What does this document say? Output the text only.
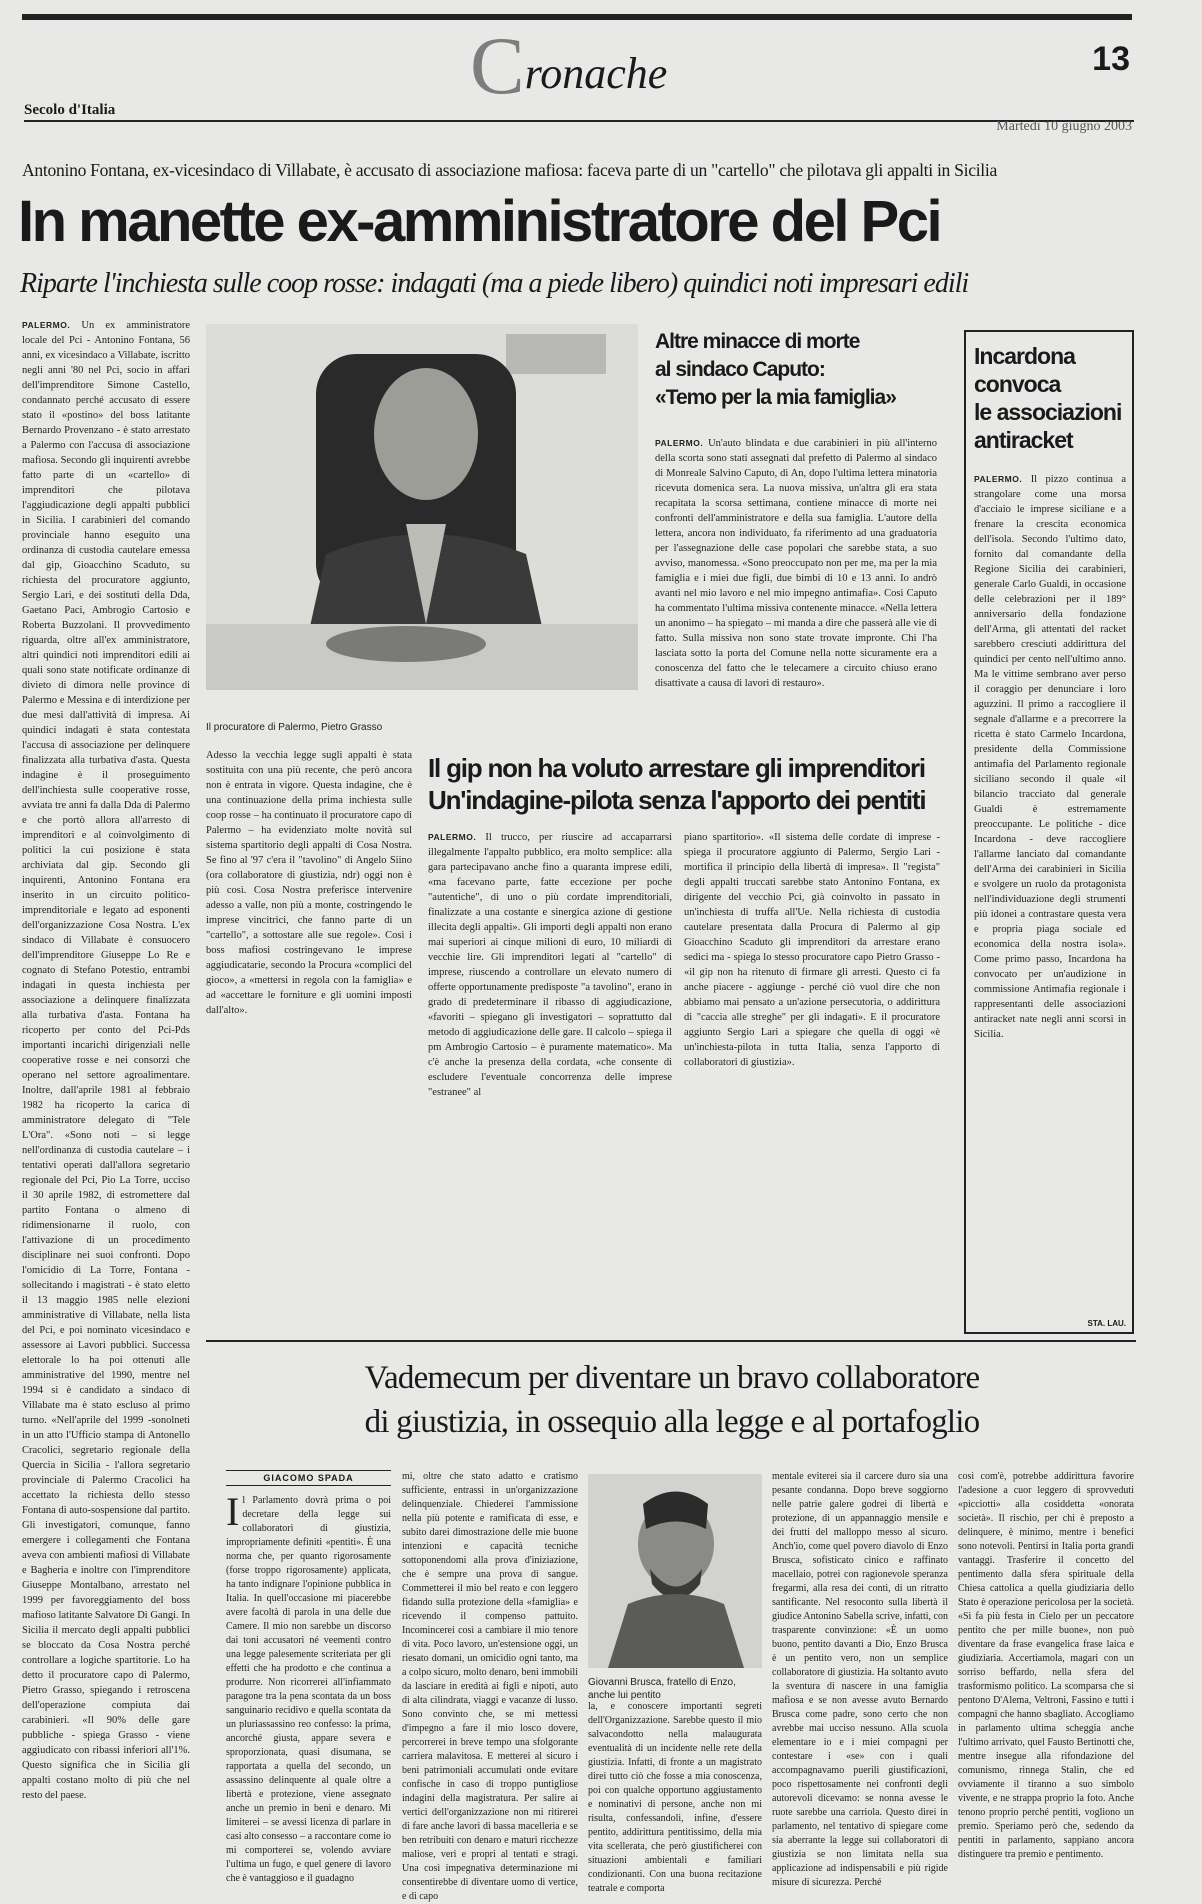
Cronache	13
Secolo d'Italia
Martedì 10 giugno 2003
Antonino Fontana, ex-vicesindaco di Villabate, è accusato di associazione mafiosa: faceva parte di un "cartello" che pilotava gli appalti in Sicilia
In manette ex-amministratore del Pci
Riparte l'inchiesta sulle coop rosse: indagati (ma a piede libero) quindici noti impresari edili
PALERMO. Un ex amministratore locale del Pci - Antonino Fontana, 56 anni, ex vicesindaco a Villabate, iscritto negli anni '80 nel Pci, socio in affari dell'imprenditore Simone Castello, condannato perché accusato di essere stato il «postino» del boss latitante Bernardo Provenzano - è stato arrestato a Palermo con l'accusa di associazione mafiosa. Secondo gli inquirenti avrebbe fatto parte di un «cartello» di imprenditori che pilotava l'aggiudicazione degli appalti pubblici in Sicilia. I carabinieri del comando provinciale hanno eseguito una ordinanza di custodia cautelare emessa dal gip, Gioacchino Scaduto, su richiesta del procuratore aggiunto, Sergio Lari, e dei sostituti della Dda, Gaetano Paci, Ambrogio Cartosio e Roberta Buzzolani. Il provvedimento riguarda, oltre all'ex amministratore, altri quindici noti imprenditori edili ai quali sono state notificate ordinanze di divieto di dimora nelle province di Palermo e Messina e di interdizione per due mesi dall'attività di impresa. Ai quindici indagati è stata contestata l'accusa di associazione per delinquere finalizzata alla turbativa d'asta. Questa indagine è il proseguimento dell'inchiesta sulle cooperative rosse, avviata tre anni fa dalla Dda di Palermo e che portò allora all'arresto di imprenditori e al coinvolgimento di politici la cui posizione è stata archiviata dal gip. Secondo gli inquirenti, Antonino Fontana era inserito in un circuito politico-imprenditoriale e legato ad esponenti dell'organizzazione Cosa Nostra. L'ex sindaco di Villabate è consuocero dell'imprenditore Giuseppe Lo Re e cognato di Stefano Potestio, entrambi indagati in questa inchiesta per associazione a delinquere finalizzata alla turbativa d'asta. Fontana ha ricoperto per conto del Pci-Pds importanti incarichi dirigenziali nelle cooperative rosse e nei consorzi che operano nel settore agroalimentare. Inoltre, dall'aprile 1981 al febbraio 1982 ha ricoperto la carica di amministratore delegato di "Tele L'Ora". «Sono noti – si legge nell'ordinanza di custodia cautelare – i tentativi operati dall'allora segretario regionale del Pci, Pio La Torre, ucciso il 30 aprile 1982, di estromettere dal partito Fontana o almeno di ridimensionarne il ruolo, con l'attivazione di un procedimento disciplinare nei suoi confronti. Dopo l'omicidio di La Torre, Fontana - sollecitando i magistrati - è stato eletto il 13 maggio 1985 nelle elezioni amministrative di Villabate, nella lista del Pci, e poi nominato vicesindaco e assessore ai Lavori pubblici. Successa elettorale lo ha poi ottenuti alle amministrative del 1990, mentre nel 1994 si è candidato a sindaco di Villabate ma è stato escluso al primo turno. «Nell'aprile del 1999 -sonolneti in un atto l'Ufficio stampa di Antonello Cracolici, segretario regionale della Quercia in Sicilia - l'allora segretario provinciale di Palermo Cracolici ha accettato la richiesta dello stesso Fontana di auto-sospensione dal partito. Gli investigatori, comunque, fanno emergere i collegamenti che Fontana aveva con ambienti mafiosi di Villabate e Bagheria e inoltre con l'imprenditore Giuseppe Montalbano, arrestato nel 1999 per favoreggiamento del boss mafioso latitante Salvatore Di Gangi. In Sicilia il mercato degli appalti pubblici se bloccato da Cosa Nostra perché controllare a logiche spartitorie. Lo ha detto il procuratore capo di Palermo, Pietro Grasso, spiegando i retroscena dell'operazione compiuta dai carabinieri. «Il 90% delle gare pubbliche - spiega Grasso - viene aggiudicato con ribassi inferiori all'1%. Questo significa che in Sicilia gli appalti costano molto di più che nel resto del paese.
Il procuratore di Palermo, Pietro Grasso
Altre minacce di morte
al sindaco Caputo:
«Temo per la mia famiglia»
PALERMO. Un'auto blindata e due carabinieri in più all'interno della scorta sono stati assegnati dal prefetto di Palermo al sindaco di Monreale Salvino Caputo, di An, dopo l'ultima lettera minatoria ricevuta domenica sera. La nuova missiva, un'altra gli era stata recapitata la scorsa settimana, contiene minacce di morte nei confronti dell'amministratore e della sua famiglia. L'autore della lettera, ancora non individuato, fa riferimento ad una graduatoria per l'assegnazione delle case popolari che sarebbe stata, a suo avviso, manomessa. «Sono preoccupato non per me, ma per la mia famiglia e i miei due figli, due bimbi di 10 e 13 anni. Io andrò avanti nel mio lavoro e nel mio impegno antimafia». Così Caputo ha commentato l'ultima missiva contenente minacce. «Nella lettera un anonimo – ha spiegato – mi manda a dire che passerà alle vie di fatto. Sulla missiva non sono state trovate impronte. Chi l'ha lasciata sotto la porta del Comune nella notte sicuramente era a conoscenza del fatto che le telecamere a circuito chiuso erano disattivate a causa di lavori di restauro».
Incardona
convoca
le associazioni
antiracket
PALERMO. Il pizzo continua a strangolare come una morsa d'acciaio le imprese siciliane e a frenare la crescita economica dell'isola. Secondo l'ultimo dato, fornito dal comandante della Regione Sicilia dei carabinieri, generale Carlo Gualdi, in occasione delle celebrazioni per il 189° anniversario della fondazione dell'Arma, gli attentati del racket sarebbero cresciuti addirittura del quindici per cento nell'ultimo anno. Ma le vittime sembrano aver perso il coraggio per denunciare i loro aguzzini. Il primo a raccogliere il segnale d'allarme e a precorrere la ricetta è stato Carmelo Incardona, presidente della Commissione antimafia del Parlamento regionale siciliano secondo il quale «il bilancio tracciato dal generale Gualdi è estremamente preoccupante. Le politiche - dice Incardona - deve raccogliere l'allarme lanciato dal comandante dell'Arma dei carabinieri in Sicilia e svolgere un ruolo da protagonista nell'individuazione degli strumenti più idonei a contrastare questa vera e propria piaga sociale ed economica della nostra isola». Come primo passo, Incardona ha convocato per un'audizione in commissione Antimafia regionale i rappresentanti delle associazioni antiracket nate negli anni scorsi in Sicilia.
STA. LAU.
Adesso la vecchia legge sugli appalti è stata sostituita con una più recente, che però ancora non è entrata in vigore. Questa indagine, che è una continuazione della prima inchiesta sulle coop rosse – ha continuato il procuratore capo di Palermo – ha evidenziato molte novità sul sistema spartitorio degli appalti di Cosa Nostra. Se fino al '97 c'era il "tavolino" di Angelo Siino (ora collaboratore di giustizia, ndr) oggi non è più così. Cosa Nostra preferisce intervenire adesso a valle, non più a monte, costringendo le imprese vincitrici, che fanno parte di un "cartello", a sottostare alle sue regole». Così i boss mafiosi costringevano le imprese aggiudicatarie, secondo la Procura «complici del gioco», a «mettersi in regola con la famiglia» e ad «accettare le forniture e gli uomini imposti dall'alto».
Il gip non ha voluto arrestare gli imprenditori
Un'indagine-pilota senza l'apporto dei pentiti
PALERMO. Il trucco, per riuscire ad accaparrarsi illegalmente l'appalto pubblico, era molto semplice: alla gara partecipavano anche fino a quaranta imprese edili, «ma facevano parte, fatte eccezione per poche "autentiche", di uno o più cordate imprenditoriali, finalizzate a una costante e sinergica azione di gestione illecita degli appalti». Gli importi degli appalti non erano mai superiori ai cinque milioni di euro, 10 miliardi di vecchie lire. Gli imprenditori legati al "cartello" di imprese, riuscendo a controllare un elevato numero di offerte opportunamente predisposte "a tavolino", erano in grado di predeterminare il ribasso di aggiudicazione, «favoriti – spiegano gli investigatori – soprattutto dal metodo di aggiudicazione delle gare. Il calcolo – spiega il pm Ambrogio Cartosio – è puramente matematico». Ma c'è anche la presenza della cordata, «che consente di escludere l'eventuale concorrenza delle imprese "estranee" al
piano spartitorio». «Il sistema delle cordate di imprese - spiega il procuratore aggiunto di Palermo, Sergio Lari - mortifica il principio della libertà di impresa». Il "regista" degli appalti truccati sarebbe stato Antonino Fontana, ex dirigente del vecchio Pci, già coinvolto in passato in un'inchiesta di truffa all'Ue. Nella richiesta di custodia cautelare presentata dalla Procura di Palermo al gip Gioacchino Scaduto gli imprenditori da arrestare erano sedici ma - spiega lo stesso procuratore capo Pietro Grasso - «il gip non ha ritenuto di firmare gli arresti. Questo ci fa anche piacere - aggiunge - perché ciò vuol dire che non abbiamo mai pensato a un'azione persecutoria, o addirittura di "caccia alle streghe" per gli indagati». E il procuratore aggiunto Sergio Lari a spiegare che quella di oggi «è un'inchiesta-pilota in tutta Italia, senza l'apporto di collaboratori di giustizia».
Vademecum per diventare un bravo collaboratore
di giustizia, in ossequio alla legge e al portafoglio
GIACOMO SPADA
I l Parlamento dovrà prima o poi decretare della legge sui collaboratori di giustizia, impropriamente definiti «pentiti». È una norma che, per quanto rigorosamente (forse troppo rigorosamente) applicata, ha tanto indignare l'opinione pubblica in Italia. In quell'occasione mi piacerebbe avere facoltà di parola in una delle due Camere. Il mio non sarebbe un discorso dai toni accusatori né veementi contro una legge palesemente scriteriata per gli effetti che ha prodotto e che continua a produrre. Non ricorrerei all'infiammato paragone tra la pena scontata da un boss sanguinario recidivo e quella scontata da un pluriassassino reo confesso: la prima, ancorché giusta, appare severa e sproporzionata, quasi disumana, se rapportata a quella del secondo, un assassino delinquente al quale oltre a libertà e protezione, viene assegnato anche un premio in beni e denaro. Mi limiterei – se avessi licenza di parlare in casi alto consesso – a raccontare come io mi comporterei se, volendo avviare l'ultima un fugo, e quel genere di lavoro che è vantaggioso e il guadagno
mi, oltre che stato adatto e cratismo sufficiente, entrassi in un'organizzazione delinquenziale. Chiederei l'ammissione nella più potente e ramificata di esse, e subito darei dimostrazione delle mie buone intenzioni e capacità tecniche sottoponendomi alla prova d'iniziazione, che è sempre una prova di sangue. Commetterei il mio bel reato e con leggero fidando sulla protezione della «famiglia» e ricevendo il compenso pattuito. Incomincerei così a cambiare il mio tenore di vita. Poco lavoro, un'estensione oggi, un riesato domani, un omicidio ogni tanto, ma a colpo sicuro, molto denaro, beni immobili da lasciare in eredità ai figli e nipoti, auto di alta cilindrata, viaggi e vacanze di lusso. Sono convinto che, se mi mettessi d'impegno a fare il mio losco dovere, percorrerei in breve tempo una sfolgorante carriera malavitosa. E metterei al sicuro i beni patrimoniali accumulati onde evitare confische in caso di troppo puntigliose indagini della magistratura. Per salire ai vertici dell'organizzazione non mi ritirerei di fare anche lavori di bassa macelleria e se ben retribuiti con denaro e maturi ricchezze maliose, veri e propri al tentati e stragi. Una così impegnativa determinazione mi consentirebbe di diventare uomo di vertice, e di capo
Giovanni Brusca, fratello di Enzo, anche lui pentito
la, e conoscere importanti segreti dell'Organizzazione. Sarebbe questo il mio salvacondotto nella malaugurata eventualità di un incidente nelle rete della giustizia. Infatti, di fronte a un magistrato direi tutto ciò che fosse a mia conoscenza, poi con qualche opportuno aggiustamento e nominativi di persone, anche non mi risulta, confessandoli, infine, d'essere pentito, addirittura pentitissimo, della mia vita scellerata, che però giustificherei con situazioni ambientali e familiari condizionanti. Con una buona recitazione teatrale e comporta
mentale eviterei sia il carcere duro sia una pesante condanna. Dopo breve soggiorno nelle patrie galere godrei di libertà e protezione, di un appannaggio mensile e dei frutti del malloppo messo al sicuro. Anch'io, come quel povero diavolo di Enzo Brusca, sofisticato cinico e raffinato macellaio, potrei con ragionevole speranza fregarmi, alla resa dei conti, di un ritratto santificante. Nel resoconto sulla libertà il giudice Antonino Sabella scrive, infatti, con trasparente convinzione: «È un uomo buono, pentito davanti a Dio, Enzo Brusca è un pentito vero, non un semplice collaboratore di giustizia. Ha soltanto avuto la sventura di nascere in una famiglia mafiosa e se non avesse avuto Bernardo Brusca come padre, sono certo che non avrebbe mai ucciso nessuno. Alla scuola elementare io e i miei compagni per contestare i «se» con i quali accompagnavamo puerili giustificazioni, poco rispettosamente nei confronti degli autorevoli dicevamo: se nonna avesse le ruote sarebbe una carriola. Questo direi in parlamento, nel tentativo di spiegare come sia aberrante la legge sui collaboratori di giustizia se non limitata nella sua applicazione ad indispensabili e più rigide misure di sicurezza. Perché
così com'è, potrebbe addirittura favorire l'adesione a cuor leggero di sprovveduti «picciotti» alla cosiddetta «onorata società». Il rischio, per chi è preposto a delinquere, è minimo, mentre i benefici sono notevoli. Pentirsi in Italia porta grandi vantaggi. Trasferire il concetto del pentimento dalla sfera spirituale della Chiesa cattolica a quella giudiziaria dello Stato è operazione pericolosa per la società. «Si fa più festa in Cielo per un peccatore pentito che per mille buone», non può diventare da frase evangelica frase laica e giudiziaria. Accertiamola, magari con un sorriso beffardo, nella sfera del trasformismo politico. La scomparsa che si pentono D'Alema, Veltroni, Fassino e tutti i compagni che hanno sbagliato. Accogliamo in parlamento ultima scheggia anche l'ultimo arrivato, quel Fausto Bertinotti che, mentre insegue alla rifondazione del comunismo, rinnega Stalin, che ed ovviamente il tiranno a suo simbolo vivente, e ne strappa proprio la foto. Anche tenono proprio perché pentiti, vogliono un premio. Speriamo però che, sedendo da pentiti in parlamento, sappiano ancora distinguere tra premio e pentimento.
